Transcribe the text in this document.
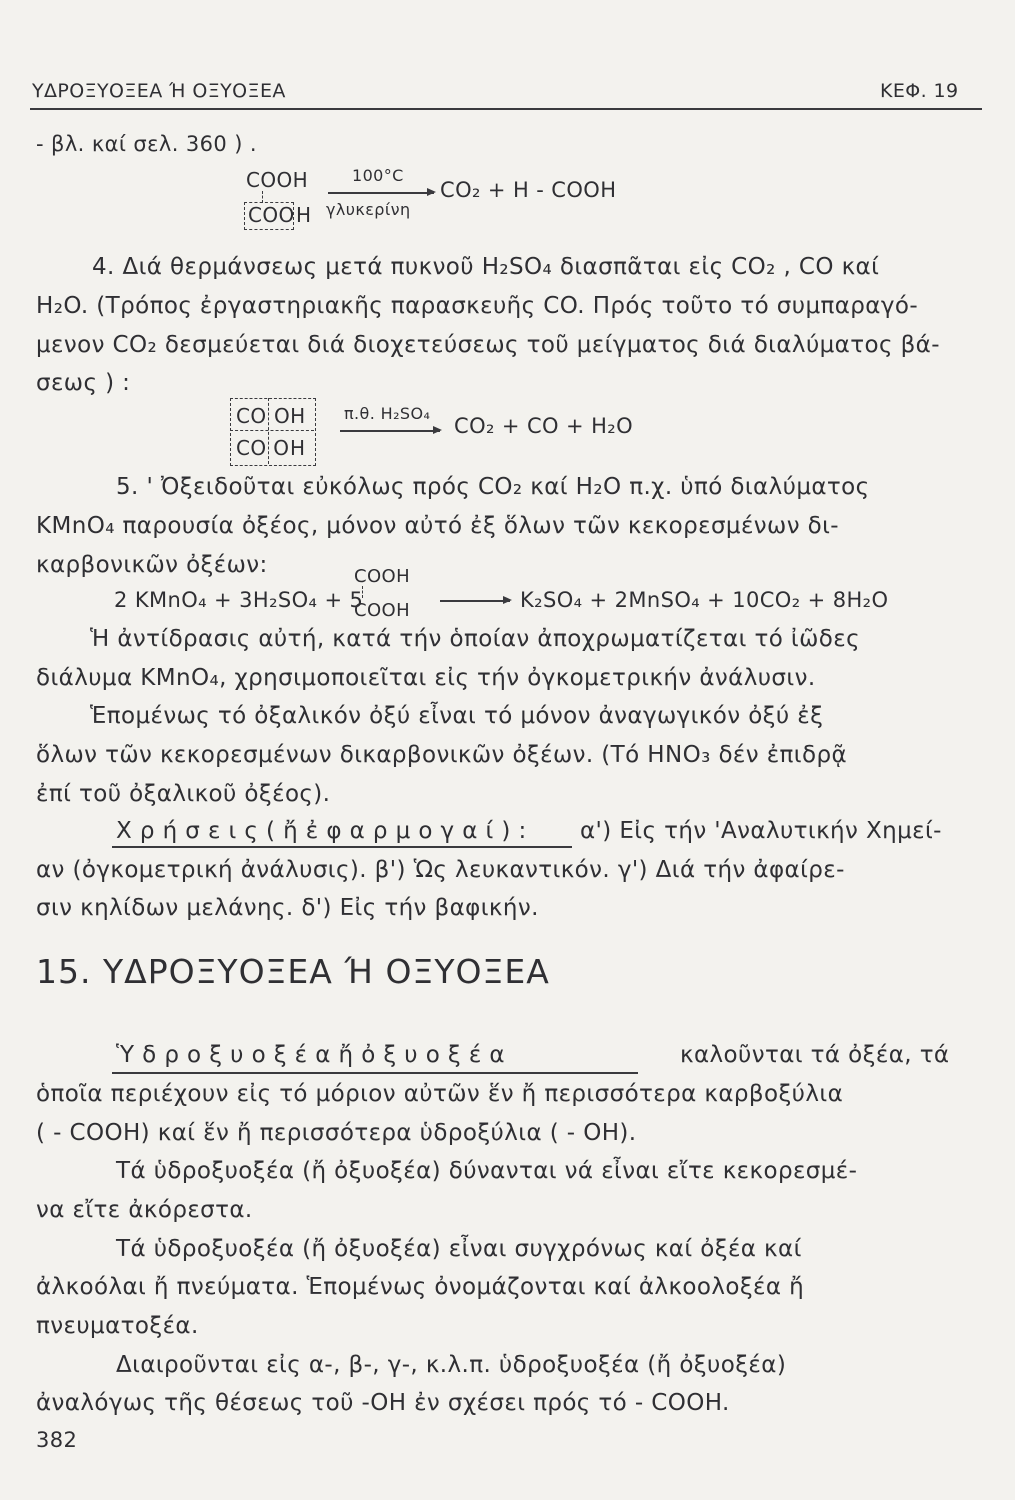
ΥΔΡΟΞΥΟΞΕΑ Ή ΟΞΥΟΞΕΑ	ΚΕΦ. 19
- βλ. καί σελ. 360 ) .
COOH
COO H
100°C
γλυκερίνη
CO₂ + H - COOH
4. Διά θερμάνσεως μετά πυκνοῦ H₂SO₄ διασπᾶται εἰς CO₂ , CO καί
H₂O. (Τρόπος ἐργαστηριακῆς παρασκευῆς CO. Πρός τοῦτο τό συμπαραγό-
μενον CO₂ δεσμεύεται διά διοχετεύσεως τοῦ μείγματος διά διαλύματος βά-
σεως ) :
CO OH
CO O H
π.θ. H₂SO₄
CO₂ + CO + H₂O
5. ' Ὀξειδοῦται εὐκόλως πρός CO₂ καί H₂O π.χ. ὑπό διαλύματος
KMnO₄ παρουσία ὀξέος, μόνον αὐτό ἐξ ὅλων τῶν κεκορεσμένων δι-
καρβονικῶν ὀξέων:
2 KMnO₄ + 3H₂SO₄ + 5
COOH
COOH	K₂SO₄ + 2MnSO₄ + 10CO₂ + 8H₂O
Ἡ ἀντίδρασις αὐτή, κατά τήν ὁποίαν ἀποχρωματίζεται τό ἰῶδες
διάλυμα KMnO₄, χρησιμοποιεῖται εἰς τήν ὀγκομετρικήν ἀνάλυσιν.
Ἑπομένως τό ὀξαλικόν ὀξύ εἶναι τό μόνον ἀναγωγικόν ὀξύ ἐξ
ὅλων τῶν κεκορεσμένων δικαρβονικῶν ὀξέων. (Τό HNO₃ δέν ἐπιδρᾷ
ἐπί τοῦ ὀξαλικοῦ ὀξέος).
Χ ρ ή σ ε ι ς ( ἤ ἐ φ α ρ μ ο γ α ί ) : α') Εἰς τήν 'Αναλυτικήν Χημεί-
αν (ὀγκομετρική ἀνάλυσις). β') Ὡς λευκαντικόν. γ') Διά τήν ἀφαίρε-
σιν κηλίδων μελάνης. δ') Εἰς τήν βαφικήν.
15. ΥΔΡΟΞΥΟΞΕΑ Ή ΟΞΥΟΞΕΑ
Ὑ δ ρ ο ξ υ ο ξ έ α ἤ ὀ ξ υ ο ξ έ α	καλοῦνται τά ὀξέα, τά
ὁποῖα περιέχουν εἰς τό μόριον αὐτῶν ἕν ἤ περισσότερα καρβοξύλια
( - COOH) καί ἕν ἤ περισσότερα ὑδροξύλια ( - OH).
Τά ὑδροξυοξέα (ἤ ὀξυοξέα) δύνανται νά εἶναι εἴτε κεκορεσμέ-
να εἴτε ἀκόρεστα.
Τά ὑδροξυοξέα (ἤ ὀξυοξέα) εἶναι συγχρόνως καί ὀξέα καί
ἀλκοόλαι ἤ πνεύματα. Ἑπομένως ὀνομάζονται καί ἀλκοολοξέα ἤ
πνευματοξέα.
Διαιροῦνται εἰς α-, β-, γ-, κ.λ.π. ὑδροξυοξέα (ἤ ὀξυοξέα)
ἀναλόγως τῆς θέσεως τοῦ -OH ἐν σχέσει πρός τό - COOH.
382
